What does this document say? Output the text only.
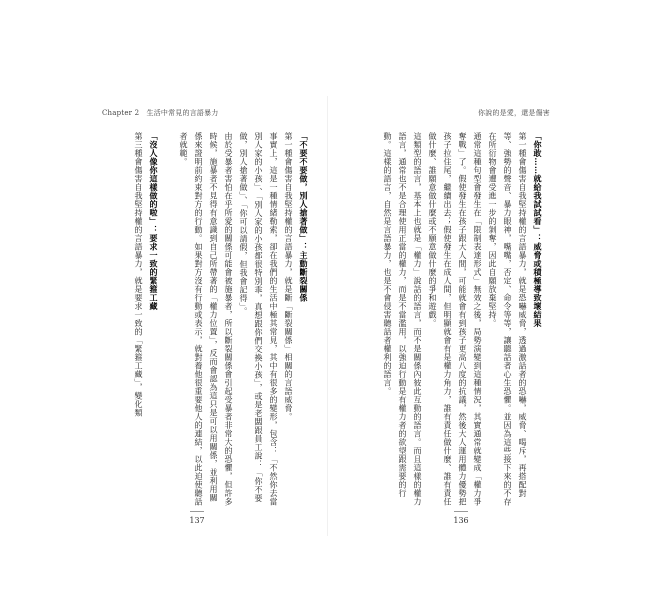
Chapter 2　生活中常見的言語暴力

「不要不要做，別人搶著做」：主動斷裂關係

第一種會傷害自我堅持權的言語暴力，就是斷「斷裂關係」相關的言語威脅。

事實上，這是一種情緒勒索，卻在我們的生活中極其常見，其中有很多的變形，包含：「不然你去當別人家的小孩」、「別人家的小孩都很特別乖，真想跟你們交換小孩」，或是老闆跟員工說：「你不要做，別人搶著做」、「你可以請假，但我會記得」。

由於受暴者害怕在乎所愛的關係可能會被施暴者，所以斷裂關係會引起受暴者非常大的恐懼，但許多時候，施暴者不見得有意識到自己所帶著的「權力位置」，反而會認為這只是可以用關係，並利用關係來證明前約束對方的行動。如果對方沒有行動或表示，就對養他很重要他人的連結，以此迫使聽話者就範。

「沒人像你這樣做的啦」：要求一致的緊箍工藏

第三種會傷害自我堅持權的言語暴力，就是要求一致的「緊箍工藏」，變化類

137
你說的是愛，還是傷害

「你敢……就給我試試看」：威脅或積極導致壞結果

第一種會傷害自我堅持權的言語暴力，就是恐嚇威脅，透過激話者的恐嚇，威脅、喝斥，再搭配對等、強勢的聲音、暴力眼神，嘴嘴，否定、命令等等，讓聽話者心生恐懼。並因為這些接下來的不存在所衍物會遭受進一步的剝奪，因此自願放棄堅持。

通常這種句型會發生在「限制表達形式」無效之後，局勢演變到這種情況，其實通常就變成「權力爭奪戰」了。假使發生在孩子跟大人間，可能就會有到孩子更高八度的抗議，然後大人運用體力優勢把孩子拉住尾，繼續出去；假使發生在成人間，但明顯就會有是權力角力，誰有責任做什麼、誰有責任做什麼、誰願意做什麼或不願意做什麼的爭和遊戲。

這類型的語言，基本上也就是「權力」說話的語言，而不是關係內彼此互動的語言。而且這樣的權力語言，通常也不是合理使用正當的權力，而是不當濫用，以強迫行動是有權力者的欲望跟需要的行動。這樣的語言，自然是言語暴力，也是不會侵害聽話者權利的語言。

136
